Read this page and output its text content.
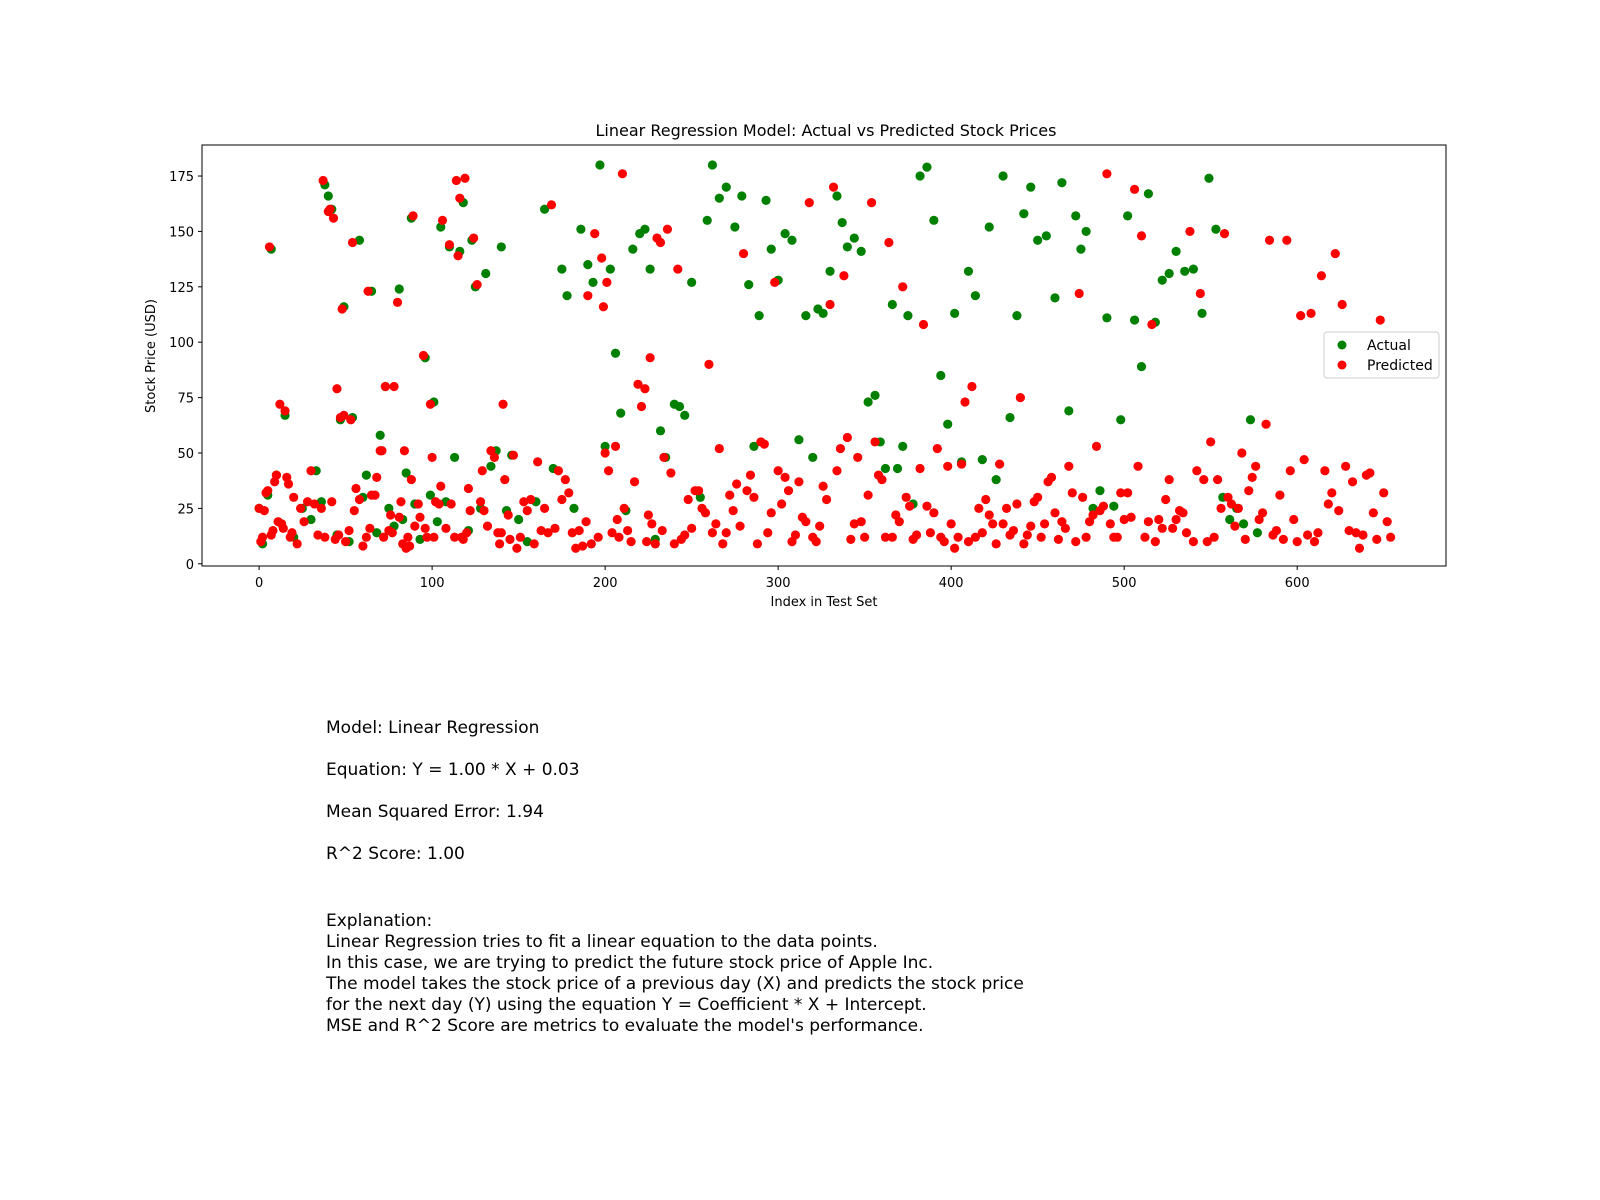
Linear Regression Model: Actual vs Predicted Stock Prices
0
25
50
75
100
125
150
175
0	100	200	300	400	500	600
Index in Test Set
Stock Price (USD)	Actual
Predicted
Model: Linear Regression
Equation: Y = 1.00 * X + 0.03
Mean Squared Error: 1.94
R^2 Score: 1.00
Explanation:
Linear Regression tries to fit a linear equation to the data points.
In this case, we are trying to predict the future stock price of Apple Inc.
The model takes the stock price of a previous day (X) and predicts the stock price
for the next day (Y) using the equation Y = Coefficient * X + Intercept.
MSE and R^2 Score are metrics to evaluate the model's performance.
